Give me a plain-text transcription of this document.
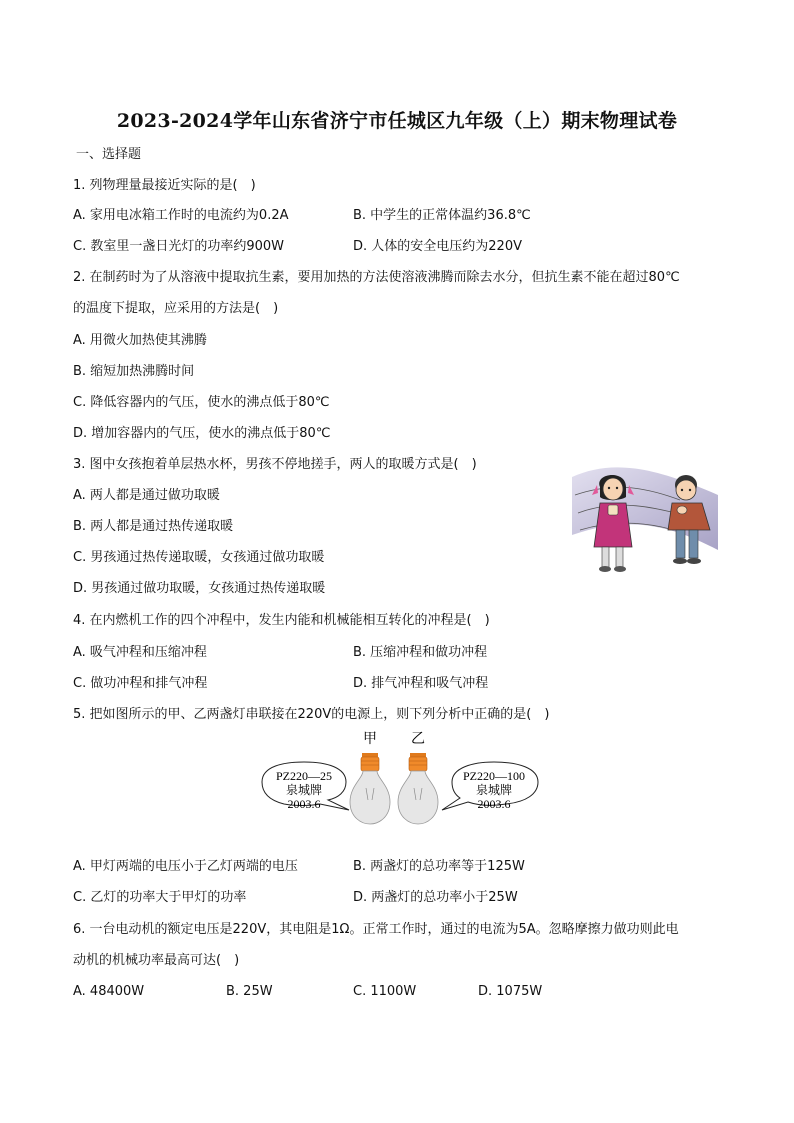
2023-2024学年山东省济宁市任城区九年级（上）期末物理试卷
一、选择题
1. 列物理量最接近实际的是(　)
A. 家用电冰箱工作时的电流约为0.2A	B. 中学生的正常体温约36.8℃
C. 教室里一盏日光灯的功率约900W	D. 人体的安全电压约为220V
2. 在制药时为了从溶液中提取抗生素，要用加热的方法使溶液沸腾而除去水分，但抗生素不能在超过80℃
的温度下提取，应采用的方法是(　)
A. 用微火加热使其沸腾
B. 缩短加热沸腾时间
C. 降低容器内的气压，使水的沸点低于80℃
D. 增加容器内的气压，使水的沸点低于80℃
3. 图中女孩抱着单层热水杯，男孩不停地搓手，两人的取暖方式是(　)
A. 两人都是通过做功取暖
B. 两人都是通过热传递取暖
C. 男孩通过热传递取暖，女孩通过做功取暖
D. 男孩通过做功取暖，女孩通过热传递取暖
4. 在内燃机工作的四个冲程中，发生内能和机械能相互转化的冲程是(　)
A. 吸气冲程和压缩冲程	B. 压缩冲程和做功冲程
C. 做功冲程和排气冲程	D. 排气冲程和吸气冲程
5. 把如图所示的甲、乙两盏灯串联接在220V的电源上，则下列分析中正确的是(　)
甲 乙
PZ220—25
泉城牌
2003.6
PZ220—100
泉城牌
2003.6
A. 甲灯两端的电压小于乙灯两端的电压	B. 两盏灯的总功率等于125W
C. 乙灯的功率大于甲灯的功率	D. 两盏灯的总功率小于25W
6. 一台电动机的额定电压是220V，其电阻是1Ω。正常工作时，通过的电流为5A。忽略摩擦力做功则此电
动机的机械功率最高可达(　)
A. 48400W	B. 25W	C. 1100W	D. 1075W
